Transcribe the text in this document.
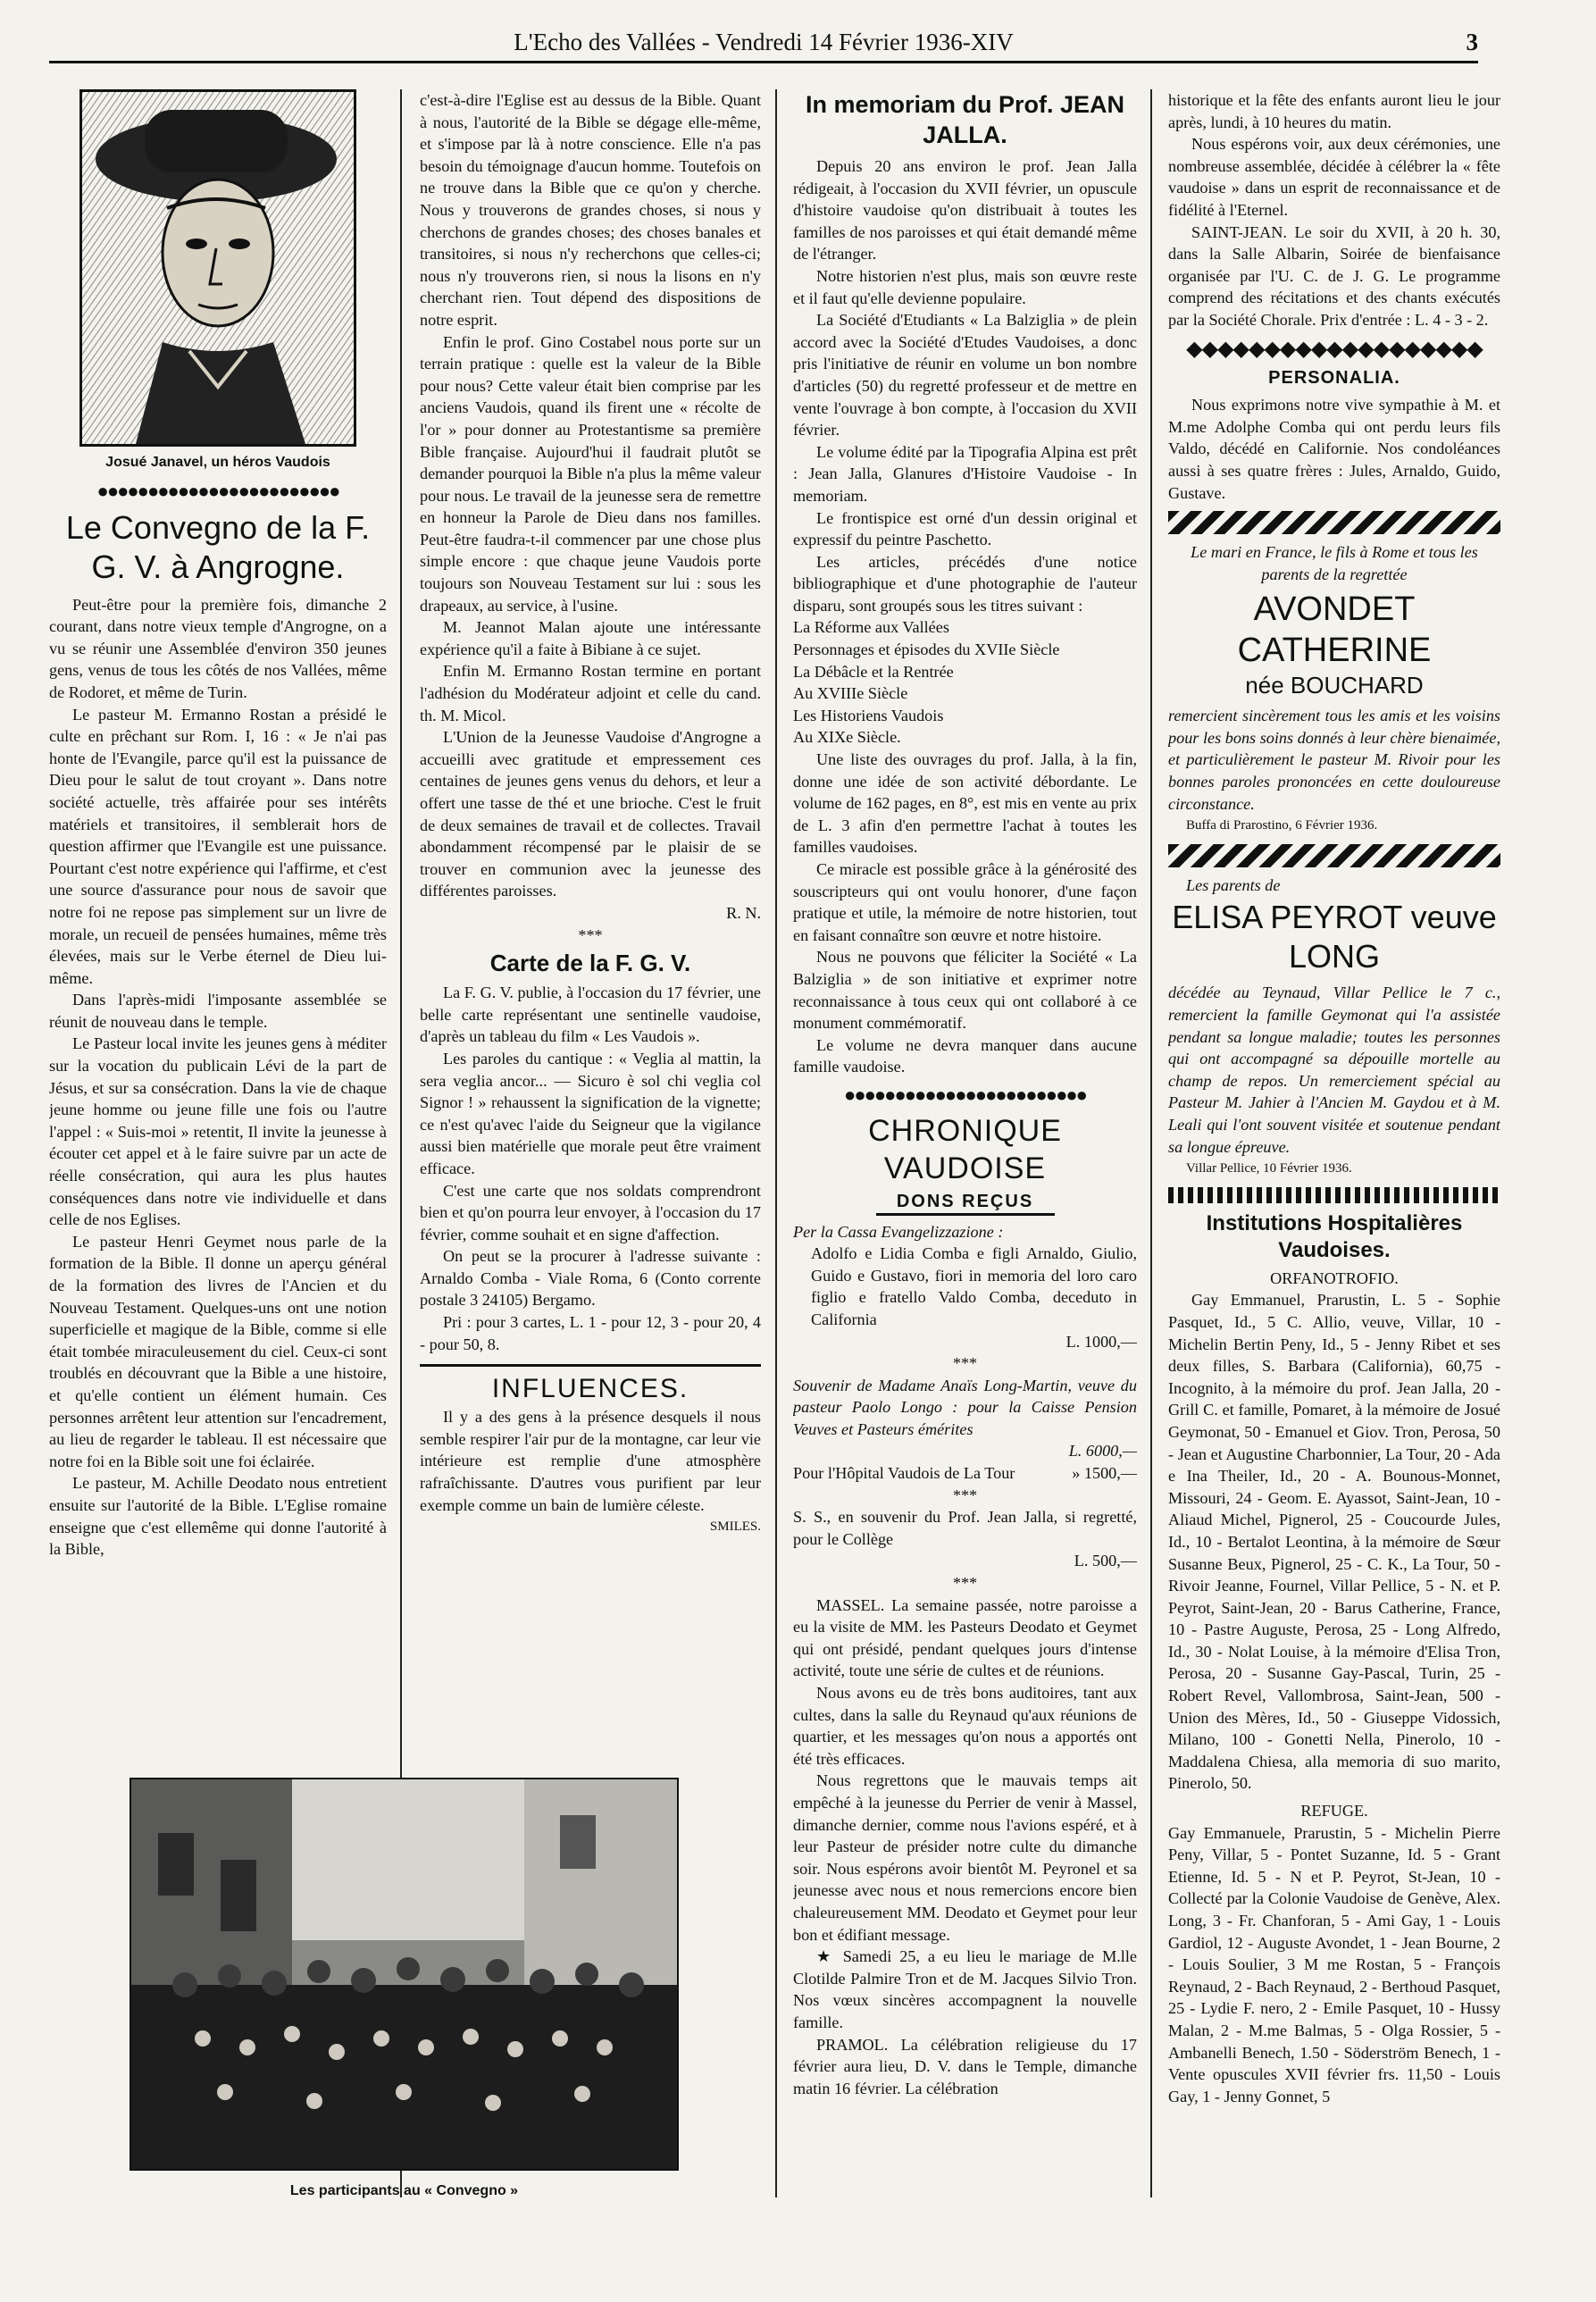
L'Echo des Vallées - Vendredi 14 Février 1936-XIV	3
Josué Janavel, un héros Vaudois
●●●●●●●●●●●●●●●●●●●●●●●●
Le Convegno de la F. G. V. à Angrogne.

Peut-être pour la première fois, dimanche 2 courant, dans notre vieux temple d'Angrogne, on a vu se réunir une Assemblée d'environ 350 jeunes gens, venus de tous les côtés de nos Vallées, même de Rodoret, et même de Turin.

Le pasteur M. Ermanno Rostan a présidé le culte en prêchant sur Rom. I, 16 : « Je n'ai pas honte de l'Evangile, parce qu'il est la puissance de Dieu pour le salut de tout croyant ». Dans notre société actuelle, très affairée pour ses intérêts matériels et transitoires, il semblerait hors de question affirmer que l'Evangile est une puissance. Pourtant c'est notre expérience qui l'affirme, et c'est une source d'assurance pour nous de savoir que notre foi ne repose pas simplement sur un livre de morale, un recueil de pensées humaines, même très élevées, mais sur le Verbe éternel de Dieu lui-même.

Dans l'après-midi l'imposante assemblée se réunit de nouveau dans le temple.

Le Pasteur local invite les jeunes gens à méditer sur la vocation du publicain Lévi de la part de Jésus, et sur sa consécration. Dans la vie de chaque jeune homme ou jeune fille une fois ou l'autre l'appel : « Suis-moi » retentit, Il invite la jeunesse à écouter cet appel et à le faire suivre par un acte de réelle consécration, qui aura les plus hautes conséquences dans notre vie individuelle et dans celle de nos Eglises.

Le pasteur Henri Geymet nous parle de la formation de la Bible. Il donne un aperçu général de la formation des livres de l'Ancien et du Nouveau Testament. Quelques-uns ont une notion superficielle et magique de la Bible, comme si elle était tombée miraculeusement du ciel. Ceux-ci sont troublés en découvrant que la Bible a une histoire, et qu'elle contient un élément humain. Ces personnes arrêtent leur attention sur l'encadrement, au lieu de regarder le tableau. Il est nécessaire que notre foi en la Bible soit une foi éclairée.

Le pasteur, M. Achille Deodato nous entretient ensuite sur l'autorité de la Bible. L'Eglise romaine enseigne que c'est ellemême qui donne l'autorité à la Bible,

c'est-à-dire l'Eglise est au dessus de la Bible. Quant à nous, l'autorité de la Bible se dégage elle-même, et s'impose par là à notre conscience. Elle n'a pas besoin du témoignage d'aucun homme. Toutefois on ne trouve dans la Bible que ce qu'on y cherche. Nous y trouverons de grandes choses, si nous y cherchons de grandes choses; des choses banales et transitoires, si nous n'y recherchons que celles-ci; nous n'y trouverons rien, si nous la lisons en n'y cherchant rien. Tout dépend des dispositions de notre esprit.

Enfin le prof. Gino Costabel nous porte sur un terrain pratique : quelle est la valeur de la Bible pour nous? Cette valeur était bien comprise par les anciens Vaudois, quand ils firent une « récolte de l'or » pour donner au Protestantisme sa première Bible française. Aujourd'hui il faudrait plutôt se demander pourquoi la Bible n'a plus la même valeur pour nous. Le travail de la jeunesse sera de remettre en honneur la Parole de Dieu dans nos familles. Peut-être faudra-t-il commencer par une chose plus simple encore : que chaque jeune Vaudois porte toujours son Nouveau Testament sur lui : sous les drapeaux, au service, à l'usine.

M. Jeannot Malan ajoute une intéressante expérience qu'il a faite à Bibiane à ce sujet.

Enfin M. Ermanno Rostan termine en portant l'adhésion du Modérateur adjoint et celle du cand. th. M. Micol.

L'Union de la Jeunesse Vaudoise d'Angrogne a accueilli avec gratitude et empressement ces centaines de jeunes gens venus du dehors, et leur a offert une tasse de thé et une brioche. C'est le fruit de deux semaines de travail et de collectes. Travail abondamment récompensé par le plaisir de se trouver en communion avec la jeunesse des différentes paroisses.

R. N.
***
Carte de la F. G. V.

La F. G. V. publie, à l'occasion du 17 février, une belle carte représentant une sentinelle vaudoise, d'après un tableau du film « Les Vaudois ».

Les paroles du cantique : « Veglia al mattin, la sera veglia ancor... — Sicuro è sol chi veglia col Signor ! » rehaussent la signification de la vignette; ce n'est qu'avec l'aide du Seigneur que la vigilance aussi bien matérielle que morale peut être vraiment efficace.

C'est une carte que nos soldats comprendront bien et qu'on pourra leur envoyer, à l'occasion du 17 février, comme souhait et en signe d'affection.

On peut se la procurer à l'adresse suivante : Arnaldo Comba - Viale Roma, 6 (Conto corrente postale 3 24105) Bergamo.

Pri : pour 3 cartes, L. 1 - pour 12, 3 - pour 20, 4 - pour 50, 8.

INFLUENCES.

Il y a des gens à la présence desquels il nous semble respirer l'air pur de la montagne, car leur vie intérieure est remplie d'une atmosphère rafraîchissante. D'autres vous purifient par leur exemple comme un bain de lumière céleste.

SMILES.
Les participants au « Convegno »
In memoriam du Prof. JEAN JALLA.

Depuis 20 ans environ le prof. Jean Jalla rédigeait, à l'occasion du XVII février, un opuscule d'histoire vaudoise qu'on distribuait à toutes les familles de nos paroisses et qui était demandé même de l'étranger.

Notre historien n'est plus, mais son œuvre reste et il faut qu'elle devienne populaire.

La Société d'Etudiants « La Balziglia » de plein accord avec la Société d'Etudes Vaudoises, a donc pris l'initiative de réunir en volume un bon nombre d'articles (50) du regretté professeur et de mettre en vente l'ouvrage à bon compte, à l'occasion du XVII février.

Le volume édité par la Tipografia Alpina est prêt : Jean Jalla, Glanures d'Histoire Vaudoise - In memoriam.

Le frontispice est orné d'un dessin original et expressif du peintre Paschetto.

Les articles, précédés d'une notice bibliographique et d'une photographie de l'auteur disparu, sont groupés sous les titres suivant :

La Réforme aux Vallées
Personnages et épisodes du XVIIe Siècle
La Débâcle et la Rentrée
Au XVIIIe Siècle
Les Historiens Vaudois
Au XIXe Siècle.

Une liste des ouvrages du prof. Jalla, à la fin, donne une idée de son activité débordante. Le volume de 162 pages, en 8°, est mis en vente au prix de L. 3 afin d'en permettre l'achat à toutes les familles vaudoises.

Ce miracle est possible grâce à la générosité des souscripteurs qui ont voulu honorer, d'une façon pratique et utile, la mémoire de notre historien, tout en faisant connaître son œuvre et notre histoire.

Nous ne pouvons que féliciter la Société « La Balziglia » de son initiative et exprimer notre reconnaissance à tous ceux qui ont collaboré à ce monument commémoratif.

Le volume ne devra manquer dans aucune famille vaudoise.

●●●●●●●●●●●●●●●●●●●●●●●●
CHRONIQUE VAUDOISE
DONS REÇUS
Per la Cassa Evangelizzazione :
Adolfo e Lidia Comba e figli Arnaldo, Giulio, Guido e Gustavo, fiori in memoria del loro caro figlio e fratello Valdo Comba, deceduto in California
L. 1000,—
***
Souvenir de Madame Anaïs Long-Martin, veuve du pasteur Paolo Longo : pour la Caisse Pension Veuves et Pasteurs émérites
L. 6000,—
Pour l'Hôpital Vaudois de La Tour	» 1500,—
***
S. S., en souvenir du Prof. Jean Jalla, si regretté, pour le Collège
L. 500,—
***

MASSEL. La semaine passée, notre paroisse a eu la visite de MM. les Pasteurs Deodato et Geymet qui ont présidé, pendant quelques jours d'intense activité, toute une série de cultes et de réunions.

Nous avons eu de très bons auditoires, tant aux cultes, dans la salle du Reynaud qu'aux réunions de quartier, et les messages qu'on nous a apportés ont été très efficaces.

Nous regrettons que le mauvais temps ait empêché à la jeunesse du Perrier de venir à Massel, dimanche dernier, comme nous l'avions espéré, et à leur Pasteur de présider notre culte du dimanche soir. Nous espérons avoir bientôt M. Peyronel et sa jeunesse avec nous et nous remercions encore bien chaleureusement MM. Deodato et Geymet pour leur bon et édifiant message.

★ Samedi 25, a eu lieu le mariage de M.lle Clotilde Palmire Tron et de M. Jacques Silvio Tron. Nos vœux sincères accompagnent la nouvelle famille.

PRAMOL. La célébration religieuse du 17 février aura lieu, D. V. dans le Temple, dimanche matin 16 février. La célébration

historique et la fête des enfants auront lieu le jour après, lundi, à 10 heures du matin.

Nous espérons voir, aux deux cérémonies, une nombreuse assemblée, décidée à célébrer la « fête vaudoise » dans un esprit de reconnaissance et de fidélité à l'Eternel.

SAINT-JEAN. Le soir du XVII, à 20 h. 30, dans la Salle Albarin, Soirée de bienfaisance organisée par l'U. C. de J. G. Le programme comprend des récitations et des chants exécutés par la Société Chorale. Prix d'entrée : L. 4 - 3 - 2.

◆◆◆◆◆◆◆◆◆◆◆◆◆◆◆◆◆◆◆
PERSONALIA.

Nous exprimons notre vive sympathie à M. et M.me Adolphe Comba qui ont perdu leurs fils Valdo, décédé en Californie. Nos condoléances aussi à ses quatre frères : Jules, Arnaldo, Guido, Gustave.

Le mari en France, le fils à Rome et tous les parents de la regrettée
AVONDET CATHERINE
née BOUCHARD
remercient sincèrement tous les amis et les voisins pour les bons soins donnés à leur chère bienaimée, et particulièrement le pasteur M. Rivoir pour les bonnes paroles prononcées en cette douloureuse circonstance.
Buffa di Prarostino, 6 Février 1936.
Les parents de
ELISA PEYROT veuve LONG
décédée au Teynaud, Villar Pellice le 7 c., remercient la famille Geymonat qui l'a assistée pendant sa longue maladie; toutes les personnes qui ont accompagné sa dépouille mortelle au champ de repos. Un remerciement spécial au Pasteur M. Jahier à l'Ancien M. Gaydou et à M. Leali qui l'ont souvent visitée et soutenue pendant sa longue épreuve.
Villar Pellice, 10 Février 1936.
Institutions Hospitalières Vaudoises.
ORFANOTROFIO.

Gay Emmanuel, Prarustin, L. 5 - Sophie Pasquet, Id., 5 C. Allio, veuve, Villar, 10 - Michelin Bertin Peny, Id., 5 - Jenny Ribet et ses deux filles, S. Barbara (California), 60,75 - Incognito, à la mémoire du prof. Jean Jalla, 20 - Grill C. et famille, Pomaret, à la mémoire de Josué Geymonat, 50 - Emanuel et Giov. Tron, Perosa, 50 - Jean et Augustine Charbonnier, La Tour, 20 - Ada e Ina Theiler, Id., 20 - A. Bounous-Monnet, Missouri, 24 - Geom. E. Ayassot, Saint-Jean, 10 - Aliaud Michel, Pignerol, 25 - Coucourde Jules, Id., 10 - Bertalot Leontina, à la mémoire de Sœur Susanne Beux, Pignerol, 25 - C. K., La Tour, 50 - Rivoir Jeanne, Fournel, Villar Pellice, 5 - N. et P. Peyrot, Saint-Jean, 20 - Barus Catherine, France, 10 - Pastre Auguste, Perosa, 25 - Long Alfredo, Id., 30 - Nolat Louise, à la mémoire d'Elisa Tron, Perosa, 20 - Susanne Gay-Pascal, Turin, 25 - Robert Revel, Vallombrosa, Saint-Jean, 500 - Union des Mères, Id., 50 - Giuseppe Vidossich, Milano, 100 - Gonetti Nella, Pinerolo, 10 - Maddalena Chiesa, alla memoria di suo marito, Pinerolo, 50.

REFUGE.

Gay Emmanuele, Prarustin, 5 - Michelin Pierre Peny, Villar, 5 - Pontet Suzanne, Id. 5 - Grant Etienne, Id. 5 - N et P. Peyrot, St-Jean, 10 - Collecté par la Colonie Vaudoise de Genève, Alex. Long, 3 - Fr. Chanforan, 5 - Ami Gay, 1 - Louis Gardiol, 12 - Auguste Avondet, 1 - Jean Bourne, 2 - Louis Soulier, 3 M me Rostan, 5 - François Reynaud, 2 - Bach Reynaud, 2 - Berthoud Pasquet, 25 - Lydie F. nero, 2 - Emile Pasquet, 10 - Hussy Malan, 2 - M.me Balmas, 5 - Olga Rossier, 5 - Ambanelli Benech, 1.50 - Söderström Benech, 1 - Vente opuscules XVII février frs. 11,50 - Louis Gay, 1 - Jenny Gonnet, 5
